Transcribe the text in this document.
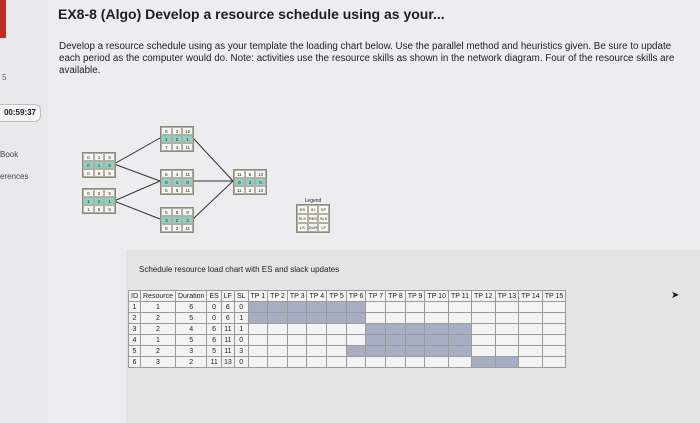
5
00:59:37
Book
erences
EX8-8 (Algo) Develop a resource schedule using as your...

Develop a resource schedule using as your template the loading chart below. Use the parallel method and heuristics given. Be sure to update each period as the computer would do. Note: activities use the resource skills as shown in the network diagram. Four of the resource skills are available.

Legend
ES	ID	EF
SLK RES SLK
LS DUR	LF
0	1	6
0	1	0
0	6	6
0	2	5
1	2	1
1	5	6
6	3	10
1	2	1
7	4	11
6	4	11
0	1	0
6	5	11
5	5	8
3	2	3
8	3	11
11	6	13
0	3	0
11	2	13
Schedule resource load chart with ES and slack updates
ID	Resource	Duration	ES	LF	SL	TP 1	TP 2	TP 3	TP 4	TP 5	TP 6	TP 7	TP 8	TP 9	TP 10	TP 11	TP 12	TP 13	TP 14	TP 15
1	1	6	0	6	0															
2	2	5	0	6	1															
3	2	4	6	11	1															
4	1	5	6	11	0															
5	2	3	5	11	3															
6	3	2	11	13	0															
➤
